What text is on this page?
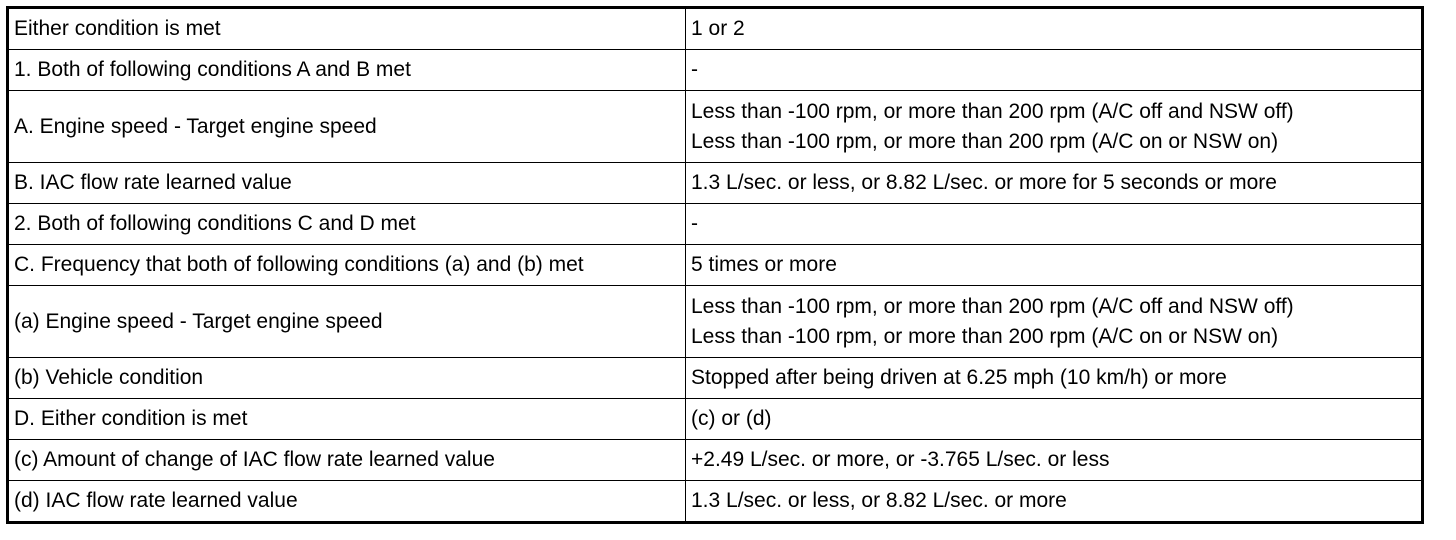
Either condition is met	1 or 2

1. Both of following conditions A and B met	-

A. Engine speed - Target engine speed	Less than -100 rpm, or more than 200 rpm (A/C off and NSW off)
Less than -100 rpm, or more than 200 rpm (A/C on or NSW on)

B. IAC flow rate learned value	1.3 L/sec. or less, or 8.82 L/sec. or more for 5 seconds or more

2. Both of following conditions C and D met	-

C. Frequency that both of following conditions (a) and (b) met	5 times or more

(a) Engine speed - Target engine speed	Less than -100 rpm, or more than 200 rpm (A/C off and NSW off)
Less than -100 rpm, or more than 200 rpm (A/C on or NSW on)

(b) Vehicle condition	Stopped after being driven at 6.25 mph (10 km/h) or more

D. Either condition is met	(c) or (d)

(c) Amount of change of IAC flow rate learned value	+2.49 L/sec. or more, or -3.765 L/sec. or less

(d) IAC flow rate learned value	1.3 L/sec. or less, or 8.82 L/sec. or more
